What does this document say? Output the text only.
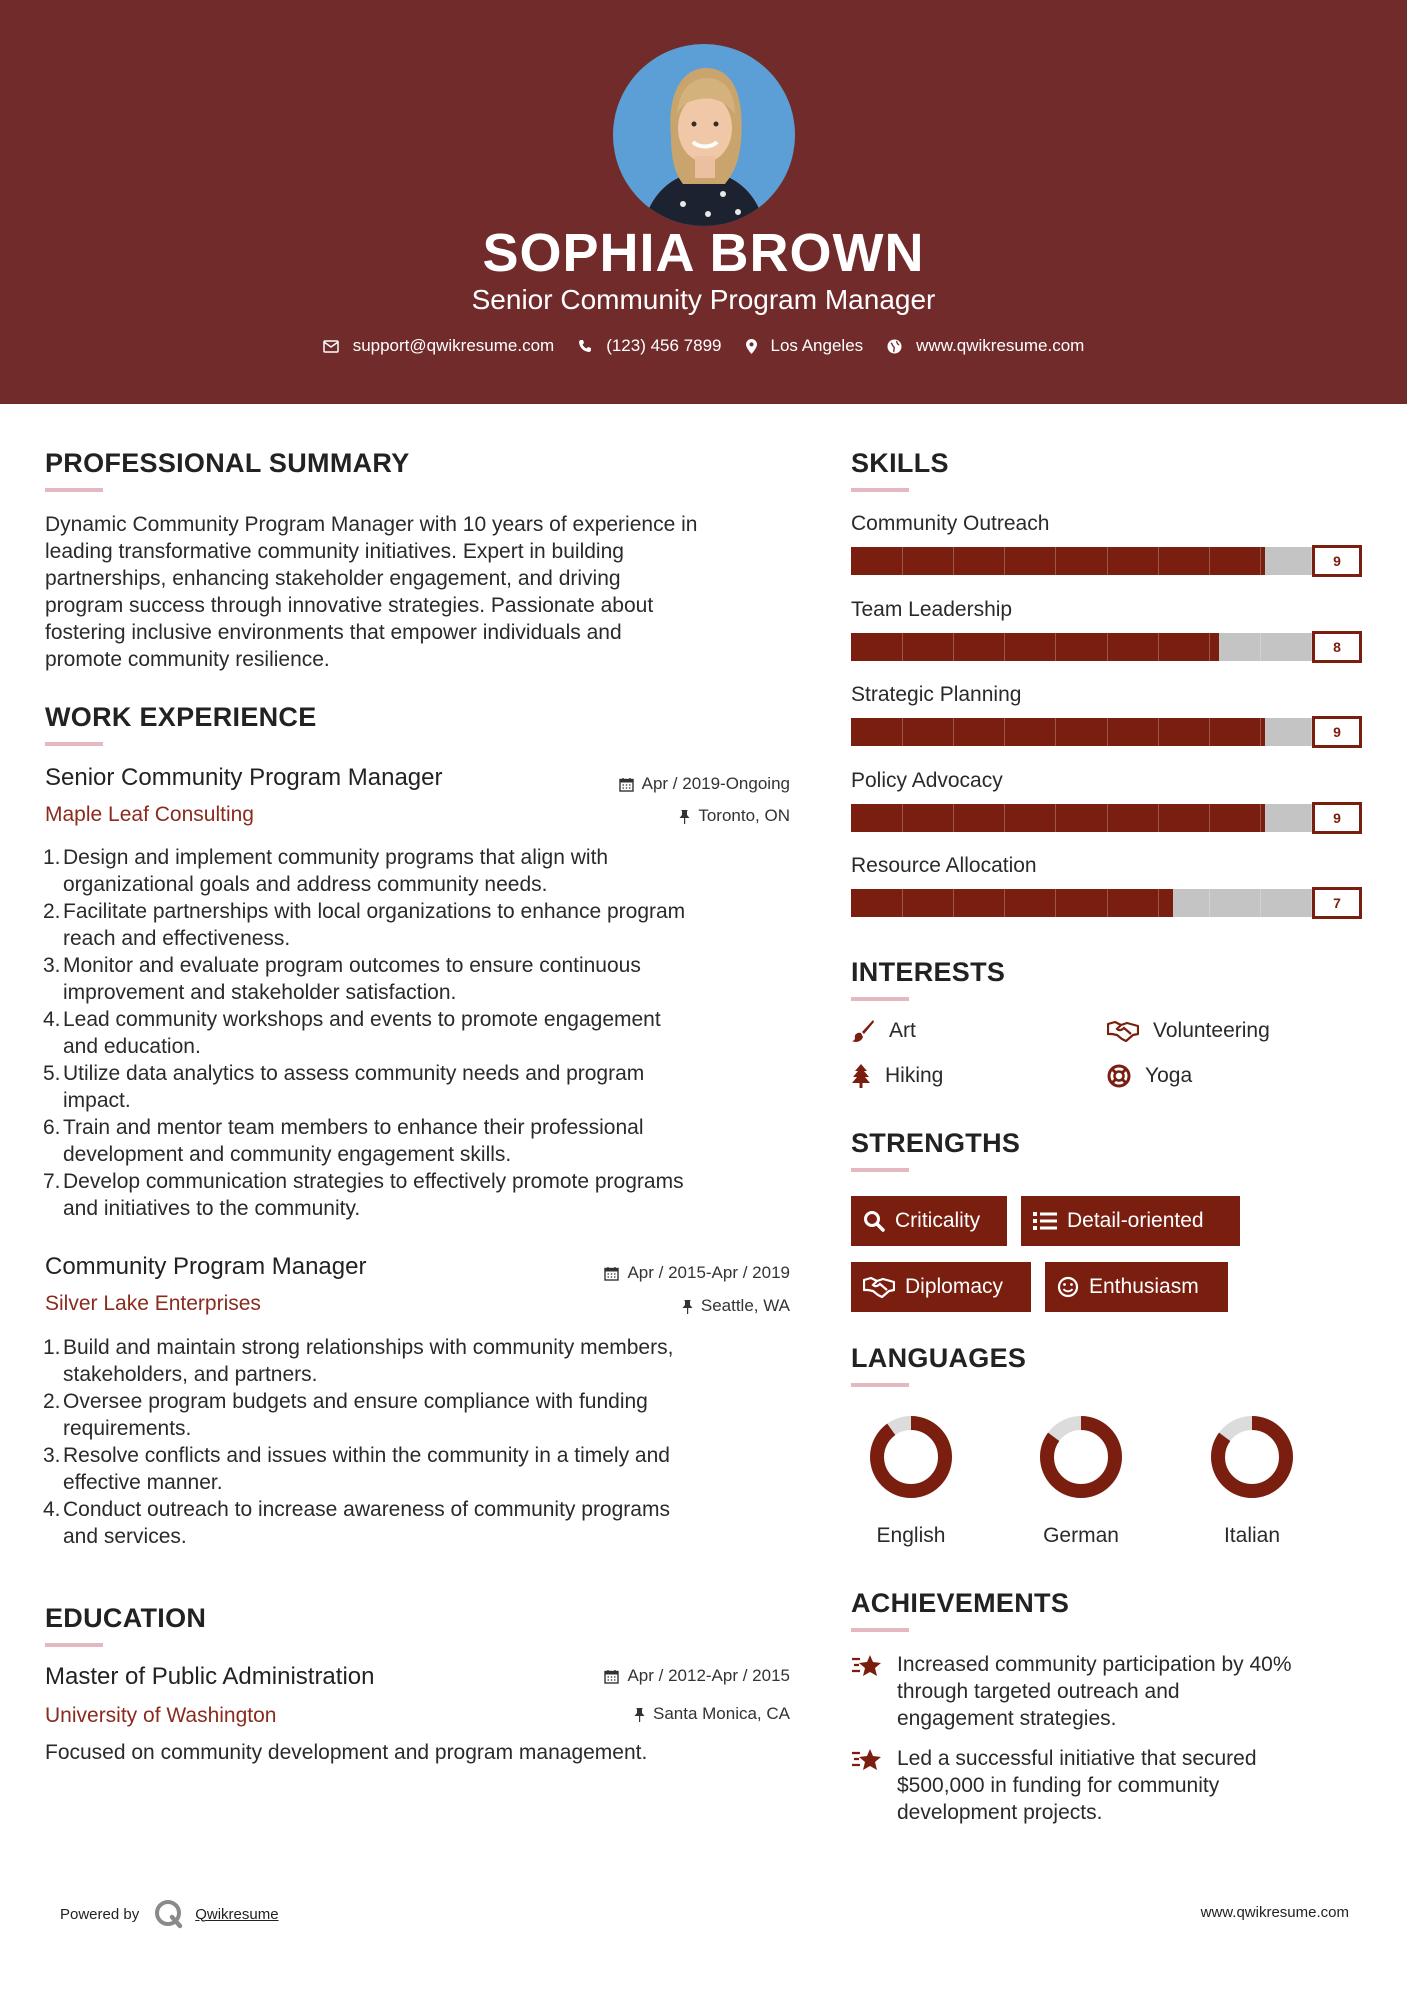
SOPHIA BROWN
Senior Community Program Manager
support@qwikresume.com	(123) 456 7899	Los Angeles	www.qwikresume.com
PROFESSIONAL SUMMARY
Dynamic Community Program Manager with 10 years of experience in
leading transformative community initiatives. Expert in building
partnerships, enhancing stakeholder engagement, and driving
program success through innovative strategies. Passionate about
fostering inclusive environments that empower individuals and
promote community resilience.
WORK EXPERIENCE
Senior Community Program Manager	Apr / 2019-Ongoing
Maple Leaf Consulting	Toronto, ON
1. Design and implement community programs that align with
organizational goals and address community needs.
2. Facilitate partnerships with local organizations to enhance program
reach and effectiveness.
3. Monitor and evaluate program outcomes to ensure continuous
improvement and stakeholder satisfaction.
4. Lead community workshops and events to promote engagement
and education.
5. Utilize data analytics to assess community needs and program
impact.
6. Train and mentor team members to enhance their professional
development and community engagement skills.
7. Develop communication strategies to effectively promote programs
and initiatives to the community.
Community Program Manager	Apr / 2015-Apr / 2019
Silver Lake Enterprises	Seattle, WA
1. Build and maintain strong relationships with community members,
stakeholders, and partners.
2. Oversee program budgets and ensure compliance with funding
requirements.
3. Resolve conflicts and issues within the community in a timely and
effective manner.
4. Conduct outreach to increase awareness of community programs
and services.
EDUCATION
Master of Public Administration	Apr / 2012-Apr / 2015
University of Washington	Santa Monica, CA
Focused on community development and program management.
SKILLS
Community Outreach
9
Team Leadership
8
Strategic Planning
9
Policy Advocacy
9
Resource Allocation
7
INTERESTS
Art	Volunteering
Hiking	Yoga
STRENGTHS
Criticality	Detail-oriented
Diplomacy	Enthusiasm
LANGUAGES
English	German	Italian
ACHIEVEMENTS
Increased community participation by 40%
through targeted outreach and
engagement strategies.
Led a successful initiative that secured
$500,000 in funding for community
development projects.
Powered by	Qwikresume	www.qwikresume.com
